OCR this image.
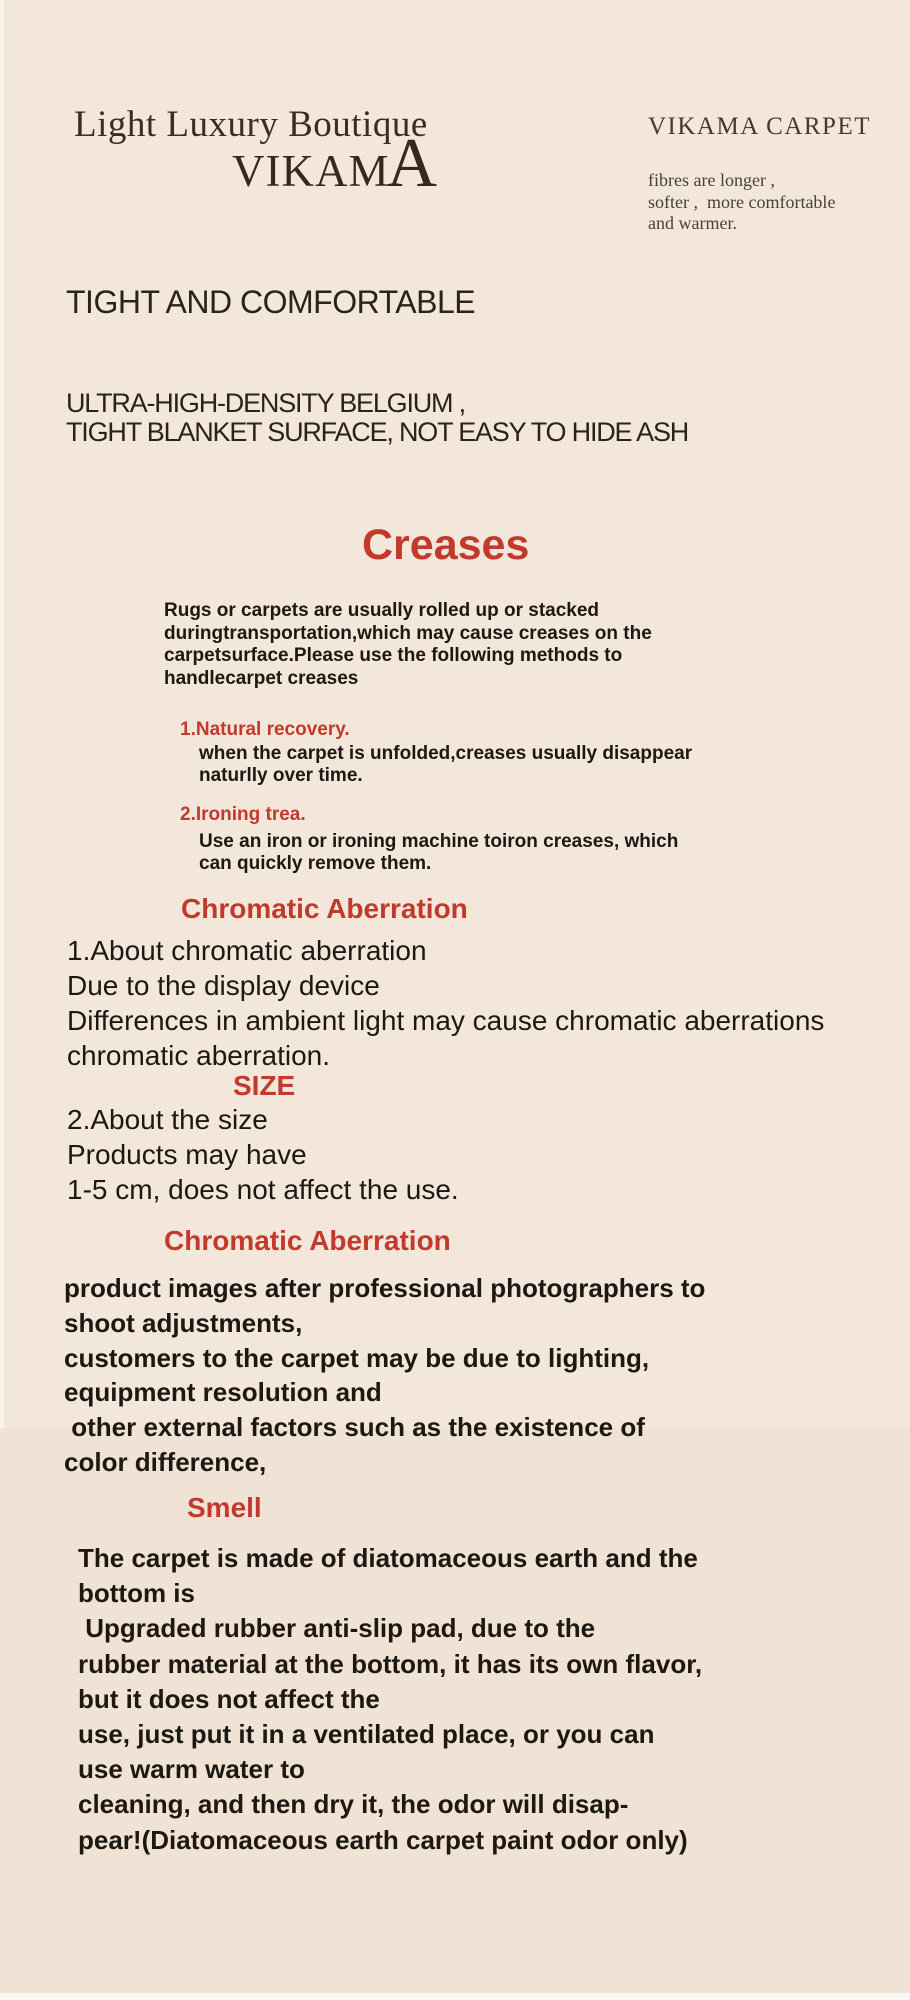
Light Luxury Boutique
VIKAM
A	VIKAMA CARPET
fibres are longer ,
softer ,  more comfortable
and warmer.
TIGHT AND COMFORTABLE
ULTRA-HIGH-DENSITY BELGIUM ,
TIGHT BLANKET SURFACE, NOT EASY TO HIDE ASH
Creases
Rugs or carpets are usually rolled up or stacked
duringtransportation,which may cause creases on the
carpetsurface.Please use the following methods to
handlecarpet creases
1.Natural recovery.
when the carpet is unfolded,creases usually disappear
naturlly over time.
2.Ironing trea.
Use an iron or ironing machine toiron creases, which
can quickly remove them.
Chromatic Aberration
1.About chromatic aberration
Due to the display device
Differences in ambient light may cause chromatic aberrations
chromatic aberration.
SIZE
2.About the size
Products may have
1-5 cm, does not affect the use.
Chromatic Aberration
product images after professional photographers to
shoot adjustments,
customers to the carpet may be due to lighting,
equipment resolution and
other external factors such as the existence of
color difference,
Smell
The carpet is made of diatomaceous earth and the
bottom is
Upgraded rubber anti-slip pad, due to the
rubber material at the bottom, it has its own flavor,
but it does not affect the
use, just put it in a ventilated place, or you can
use warm water to
cleaning, and then dry it, the odor will disap-
pear!(Diatomaceous earth carpet paint odor only)
